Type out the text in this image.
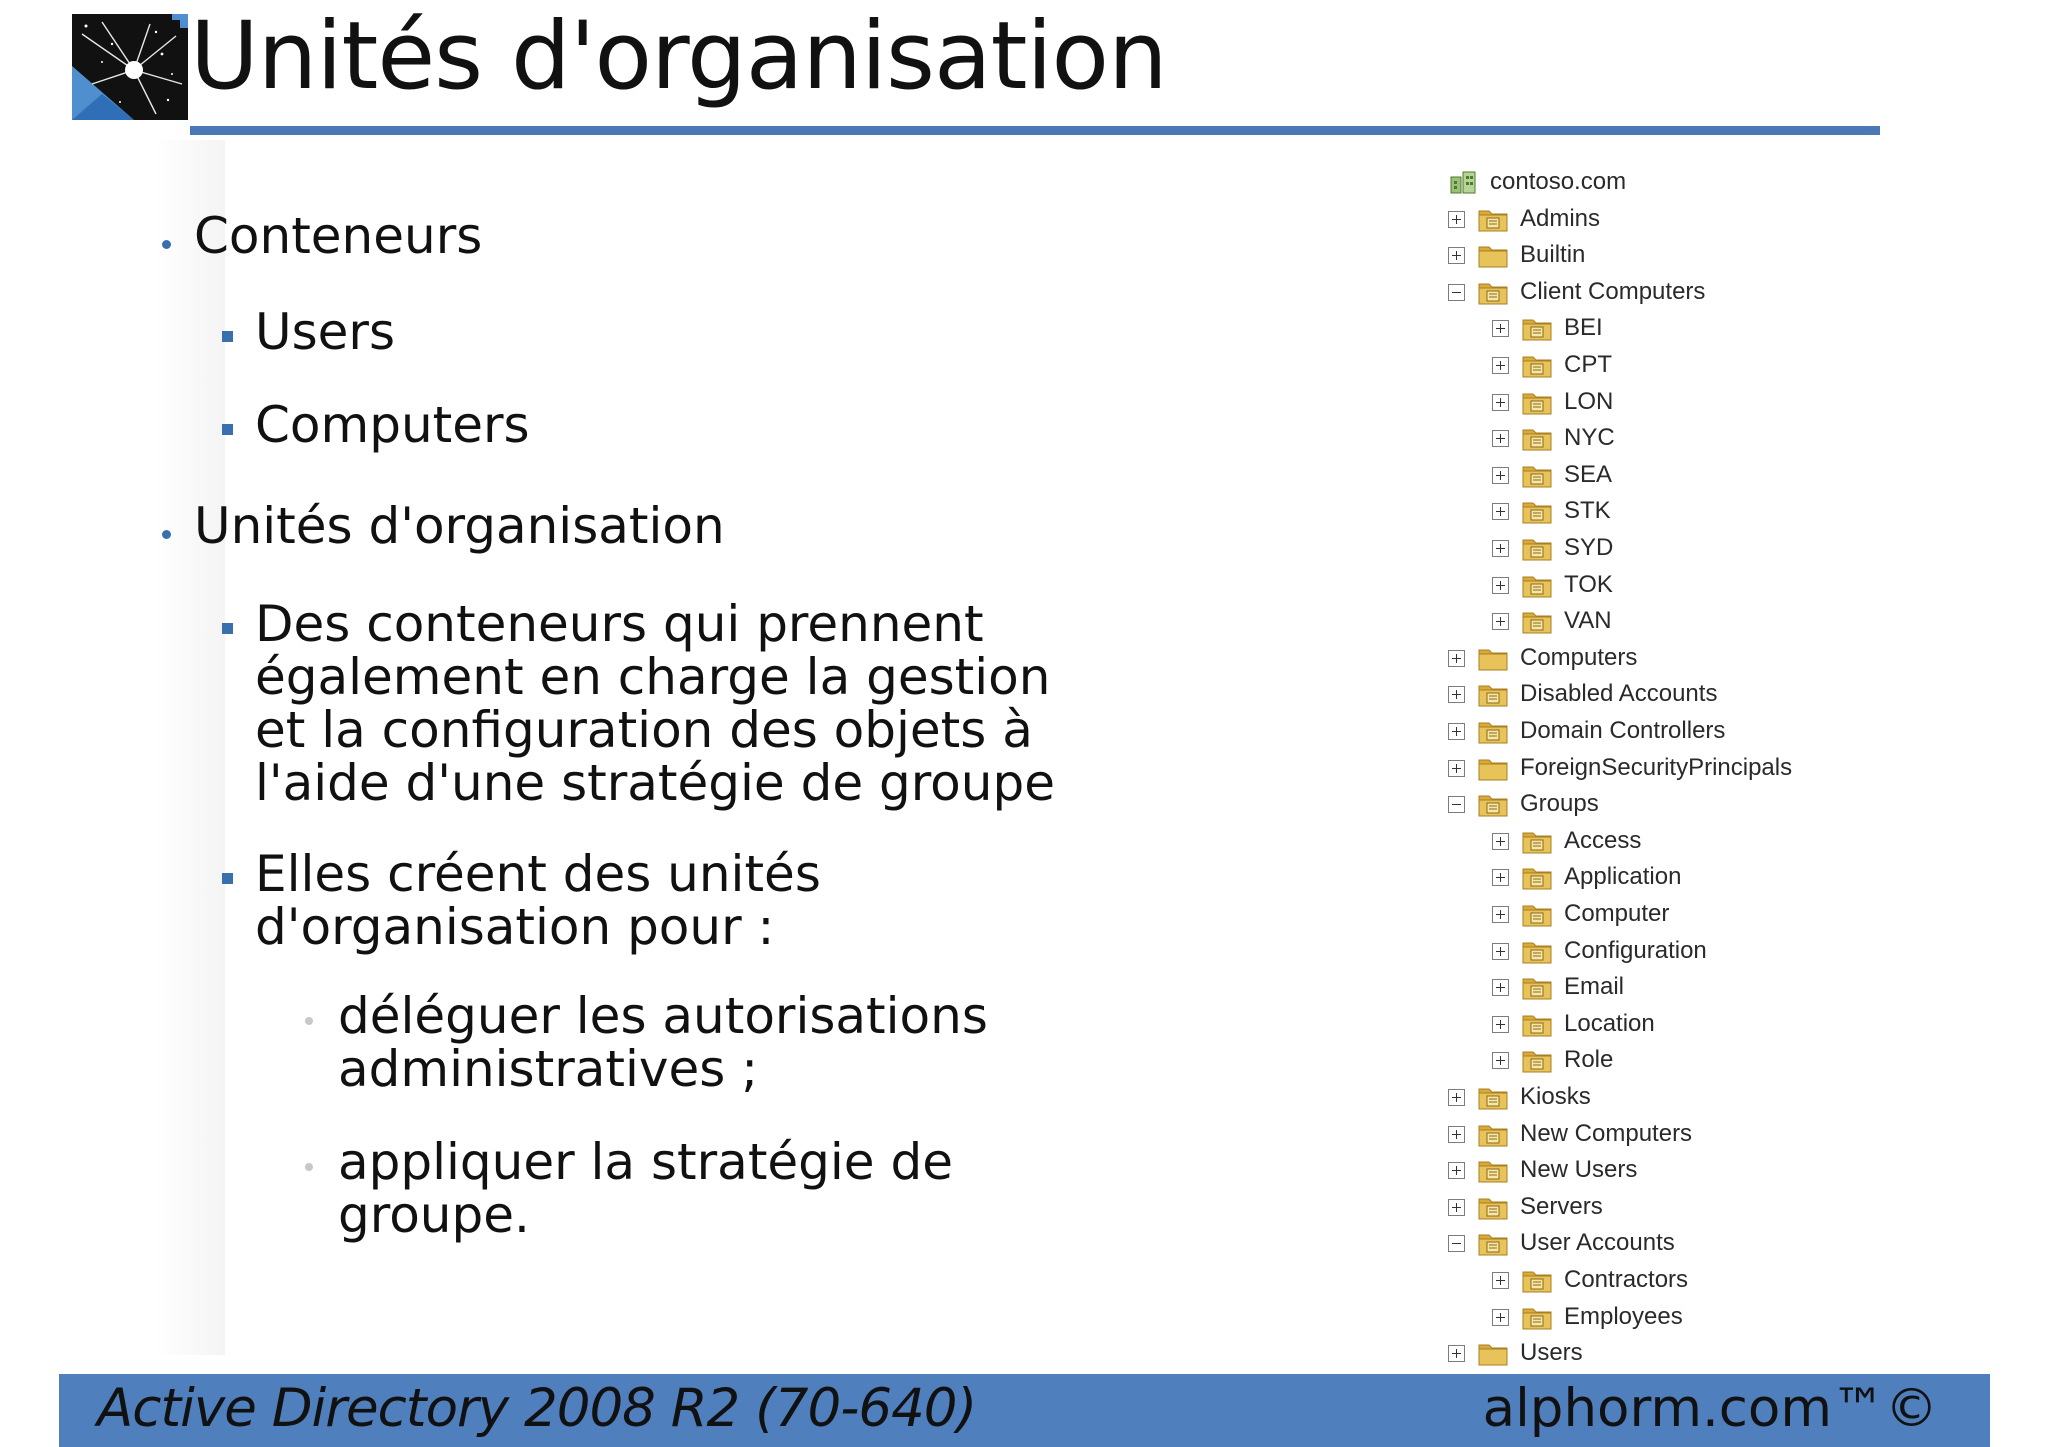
Unités d'organisation
Conteneurs
Users
Computers
Unités d'organisation
Des conteneurs qui prennent
également en charge la gestion
et la configuration des objets à
l'aide d'une stratégie de groupe
Elles créent des unités
d'organisation pour :
déléguer les autorisations
administratives ;
appliquer la stratégie de
groupe.
contoso.com
Admins
Builtin
Client Computers
BEI
CPT
LON
NYC
SEA
STK
SYD
TOK
VAN
Computers
Disabled Accounts
Domain Controllers
ForeignSecurityPrincipals
Groups
Access
Application
Computer
Configuration
Email
Location
Role
Kiosks
New Computers
New Users
Servers
User Accounts
Contractors
Employees
Users
Active Directory 2008 R2 (70-640)	alphorm.com™©
